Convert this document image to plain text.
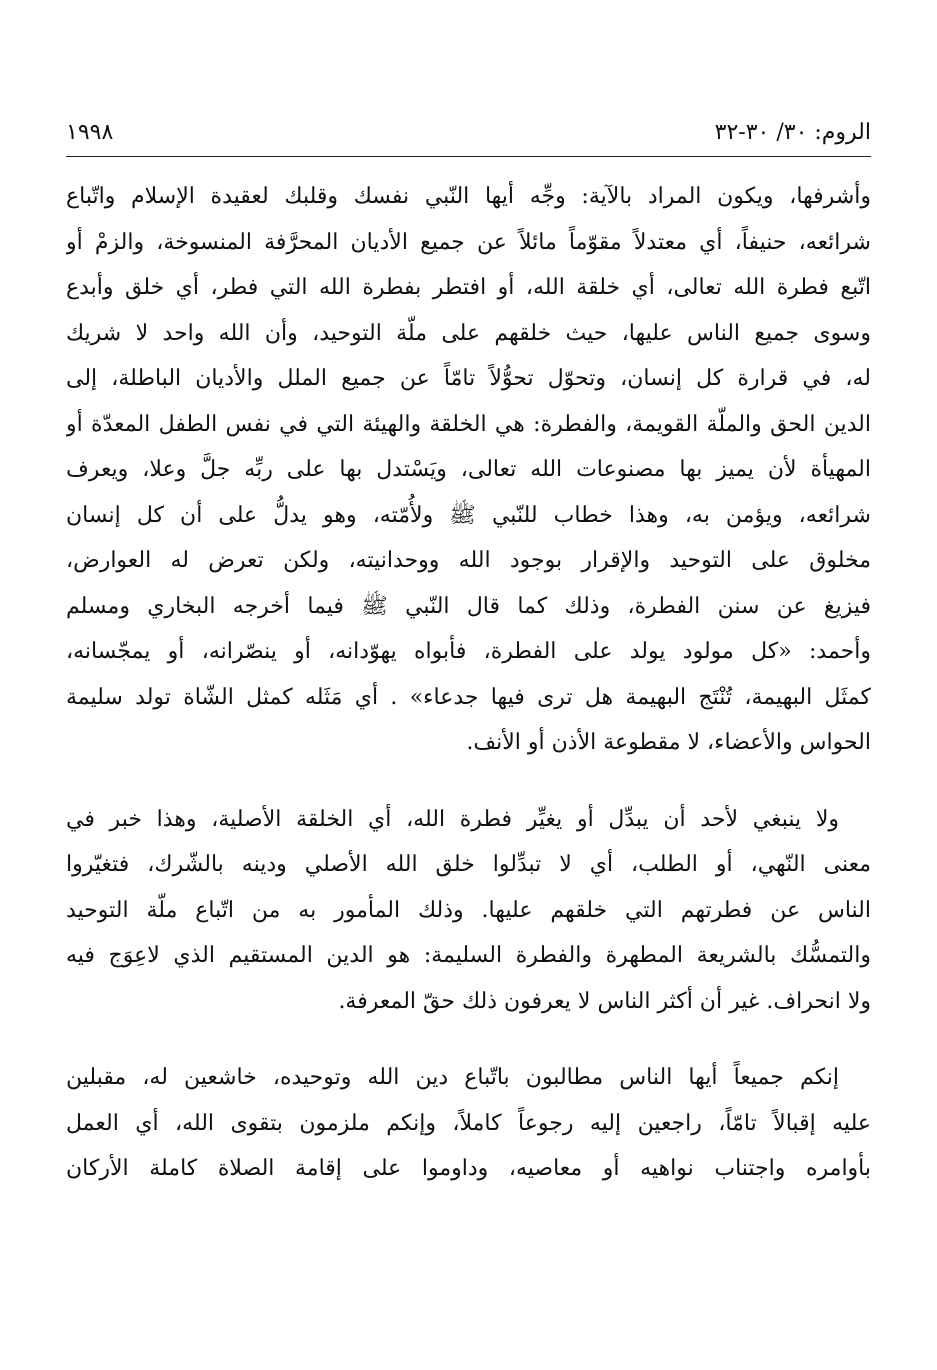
الروم: ٣٠/ ٣٠-٣٢
١٩٩٨
وأشرفها، ويكون المراد بالآية: وجِّه أيها النّبي نفسك وقلبك لعقيدة الإسلام واتّباع
شرائعه، حنيفاً، أي معتدلاً مقوّماً مائلاً عن جميع الأديان المحرَّفة المنسوخة، والزمْ أو
اتّبع فطرة الله تعالى، أي خلقة الله، أو افتطر بفطرة الله التي فطر، أي خلق وأبدع
وسوى جميع الناس عليها، حيث خلقهم على ملّة التوحيد، وأن الله واحد لا شريك
له، في قرارة كل إنسان، وتحوّل تحوُّلاً تامّاً عن جميع الملل والأديان الباطلة، إلى
الدين الحق والملّة القويمة، والفطرة: هي الخلقة والهيئة التي في نفس الطفل المعدّة أو
المهيأة لأن يميز بها مصنوعات الله تعالى، ويَسْتدل بها على ربِّه جلَّ وعلا، ويعرف
شرائعه، ويؤمن به، وهذا خطاب للنّبي ﷺ ولأُمّته، وهو يدلُّ على أن كل إنسان
مخلوق على التوحيد والإقرار بوجود الله ووحدانيته، ولكن تعرض له العوارض،
فيزيغ عن سنن الفطرة، وذلك كما قال النّبي ﷺ فيما أخرجه البخاري ومسلم
وأحمد: «كل مولود يولد على الفطرة، فأبواه يهوّدانه، أو ينصّرانه، أو يمجّسانه،
كمثَل البهيمة، تُنْتَج البهيمة هل ترى فيها جدعاء» . أي مَثَله كمثل الشّاة تولد سليمة
الحواس والأعضاء، لا مقطوعة الأذن أو الأنف.
ولا ينبغي لأحد أن يبدِّل أو يغيِّر فطرة الله، أي الخلقة الأصلية، وهذا خبر في
معنى النّهي، أو الطلب، أي لا تبدِّلوا خلق الله الأصلي ودينه بالشّرك، فتغيّروا
الناس عن فطرتهم التي خلقهم عليها. وذلك المأمور به من اتّباع ملّة التوحيد
والتمسُّك بالشريعة المطهرة والفطرة السليمة: هو الدين المستقيم الذي لاعِوَج فيه
ولا انحراف. غير أن أكثر الناس لا يعرفون ذلك حقّ المعرفة.
إنكم جميعاً أيها الناس مطالبون باتّباع دين الله وتوحيده، خاشعين له، مقبلين
عليه إقبالاً تامّاً، راجعين إليه رجوعاً كاملاً، وإنكم ملزمون بتقوى الله، أي العمل
بأوامره واجتناب نواهيه أو معاصيه، وداوموا على إقامة الصلاة كاملة الأركان
